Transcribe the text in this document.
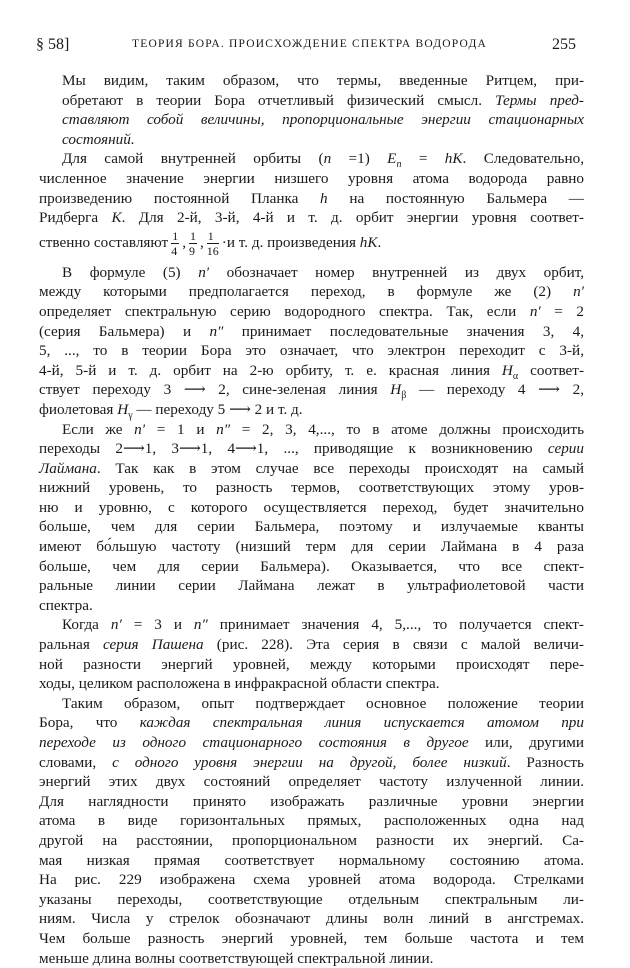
§ 58]	ТЕОРИЯ БОРА. ПРОИСХОЖДЕНИЕ СПЕКТРА ВОДОРОДА	255
Мы видим, таким образом, что термы, введенные Ритцем, при-
обретают в теории Бора отчетливый физический смысл. Термы пред-
ставляют собой величины, пропорциональные энергии стационарных
состояний.
Для самой внутренней орбиты (n =1) $E_n$ = hK. Следовательно,
численное значение энергии низшего уровня атома водорода равно
произведению постоянной Планка h на постоянную Бальмера —
Ридберга K. Для 2-й, 3-й, 4-й и т. д. орбит энергии уровня соответ-
ственно составляют $\frac{1}{4}$ , $\frac{1}{9}$ , $\frac{1}{16} \cdot и$ т. д. произведения hK.
В формуле (5) n′ обозначает номер внутренней из двух орбит,
между которыми предполагается переход, в формуле же (2) n′
определяет спектральную серию водородного спектра. Так, если n′ = 2
(серия Бальмера) и n″ принимает последовательные значения 3, 4,
5, ..., то в теории Бора это означает, что электрон переходит с 3-й,
4-й, 5-й и т. д. орбит на 2-ю орбиту, т. е. красная линия $H_\alpha$ соответ-
ствует переходу 3 ⟶ 2, сине-зеленая линия $H_\beta$ — переходу 4 ⟶ 2,
фиолетовая $H_\gamma$ — переходу 5 ⟶ 2 и т. д.
Если же n′ = 1 и n″ = 2, 3, 4,..., то в атоме должны происходить
переходы 2⟶1, 3⟶1, 4⟶1, ..., приводящие к возникновению серии
Лаймана. Так как в этом случае все переходы происходят на самый
нижний уровень, то разность термов, соответствующих этому уров-
ню и уровню, с которого осуществляется переход, будет значительно
больше, чем для серии Бальмера, поэтому и излучаемые кванты
имеют бо́льшую частоту (низший терм для серии Лаймана в 4 раза
больше, чем для серии Бальмера). Оказывается, что все спект-
ральные линии серии Лаймана лежат в ультрафиолетовой части
спектра.
Когда n′ = 3 и n″ принимает значения 4, 5,..., то получается спект-
ральная серия Пашена (рис. 228). Эта серия в связи с малой величи-
ной разности энергий уровней, между которыми происходят пере-
ходы, целиком расположена в инфракрасной области спектра.
Таким образом, опыт подтверждает основное положение теории
Бора, что каждая спектральная линия испускается атомом при
переходе из одного стационарного состояния в другое или, другими
словами, с одного уровня энергии на другой, более низкий. Разность
энергий этих двух состояний определяет частоту излученной линии.
Для наглядности принято изображать различные уровни энергии
атома в виде горизонтальных прямых, расположенных одна над
другой на расстоянии, пропорциональном разности их энергий. Са-
мая низкая прямая соответствует нормальному состоянию атома.
На рис. 229 изображена схема уровней атома водорода. Стрелками
указаны переходы, соответствующие отдельным спектральным ли-
ниям. Числа у стрелок обозначают длины волн линий в ангстремах.
Чем больше разность энергий уровней, тем больше частота и тем
меньше длина волны соответствующей спектральной линии.
